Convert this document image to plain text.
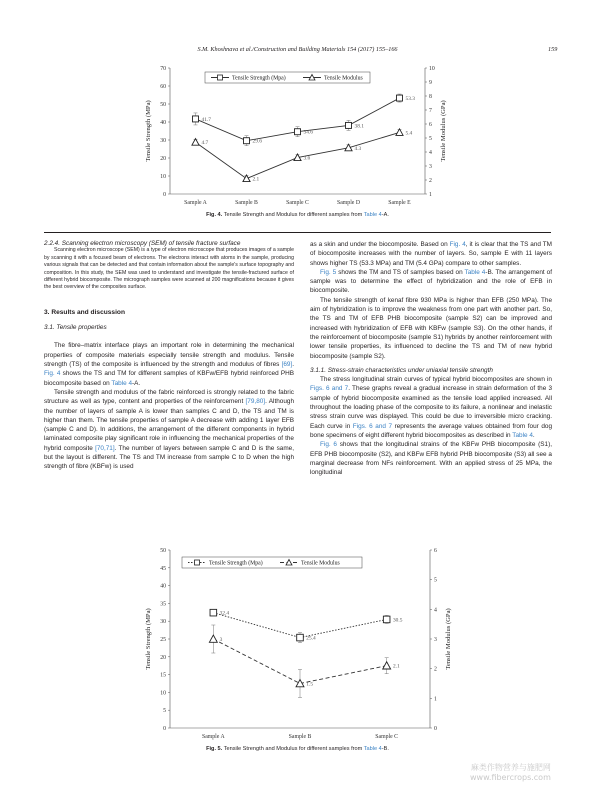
S.M. Khoshnava et al./Construction and Building Materials 154 (2017) 155–166	159
0
10
20
30
40
50
60
70
1
2
3
4
5
6
7
8
9
10
Sample A	Sample B	Sample C	Sample D	Sample E
Tensile Strength (MPa)	Tensile Modulus (GPa)
41.7
29.6
34.6
38.1
53.3
4.7
2.1
3.6
4.3
5.4
Tensile Strength (Mpa)	Tensile Modulus
Fig. 4. Tensile Strength and Modulus for different samples from Table 4-A.
2.2.4. Scanning electron microscopy (SEM) of tensile fracture surface

Scanning electron microscope (SEM) is a type of electron microscope that produces images of a sample by scanning it with a focused beam of electrons. The electrons interact with atoms in the sample, producing various signals that can be detected and that contain information about the sample's surface topography and composition. In this study, the SEM was used to understand and investigate the tensile-fractured surface of different hybrid biocomposite. The micrograph samples were scanned at 200 magnifications because it gives the best overview of the composites surface.

3. Results and discussion
3.1. Tensile properties

The fibre–matrix interface plays an important role in determining the mechanical properties of composite materials especially tensile strength and modulus. Tensile strength (TS) of the composite is influenced by the strength and modulus of fibres [69]. Fig. 4 shows the TS and TM for different samples of KBFw/EFB hybrid reinforced PHB biocomposite based on Table 4-A.

Tensile strength and modulus of the fabric reinforced is strongly related to the fabric structure as well as type, content and properties of the reinforcement [79,80]. Although the number of layers of sample A is lower than samples C and D, the TS and TM is higher than them. The tensile properties of sample A decrease with adding 1 layer EFB (sample C and D). In additions, the arrangement of the different components in hybrid laminated composite play significant role in influencing the mechanical properties of the hybrid composite [70,71]. The number of layers between sample C and D is the same, but the layout is different. The TS and TM increase from sample C to D when the high strength of fibre (KBFw) is used

as a skin and under the biocomposite. Based on Fig. 4, it is clear that the TS and TM of biocomposite increases with the number of layers. So, sample E with 11 layers shows higher TS (53.3 MPa) and TM (5.4 GPa) compare to other samples.

Fig. 5 shows the TM and TS of samples based on Table 4-B. The arrangement of sample was to determine the effect of hybridization and the role of EFB in biocomposite.

The tensile strength of kenaf fibre 930 MPa is higher than EFB (250 MPa). The aim of hybridization is to improve the weakness from one part with another part. So, the TS and TM of EFB PHB biocomposite (sample S2) can be improved and increased with hybridization of EFB with KBFw (sample S3). On the other hands, if the reinforcement of biocomposite (sample S1) hybrids by another reinforcement with lower tensile properties, its influenced to decline the TS and TM of new hybrid biocomposite (sample S2).

3.1.1. Stress-strain characteristics under uniaxial tensile strength

The stress longitudinal strain curves of typical hybrid biocomposites are shown in Figs. 6 and 7. These graphs reveal a gradual increase in strain deformation of the 3 sample of hybrid biocomposite examined as the tensile load applied increased. All throughout the loading phase of the composite to its failure, a nonlinear and inelastic stress strain curve was displayed. This could be due to irreversible micro cracking. Each curve in Figs. 6 and 7 represents the average values obtained from four dog bone specimens of eight different hybrid biocomposites as described in Table 4.

Fig. 6 shows that the longitudinal strains of the KBFw PHB biocomposite (S1), EFB PHB biocomposite (S2), and KBFw EFB hybrid PHB biocomposite (S3) all see a marginal decrease from NFs reinforcement. With an applied stress of 25 MPa, the longitudinal

0
5
10
15
20
25
30
35
40
45
50
0
1
2
3
4
5
6
Sample A	Sample B	Sample C
Tensile Strength (MPa)	Tensile Modulus (GPa)
32.4
25.4
30.5
3
1.5
2.1
Tensile Strength (Mpa)	Tensile Modulus
Fig. 5. Tensile Strength and Modulus for different samples from Table 4-B.
麻类作物营养与施肥网
www.fibercrops.com
